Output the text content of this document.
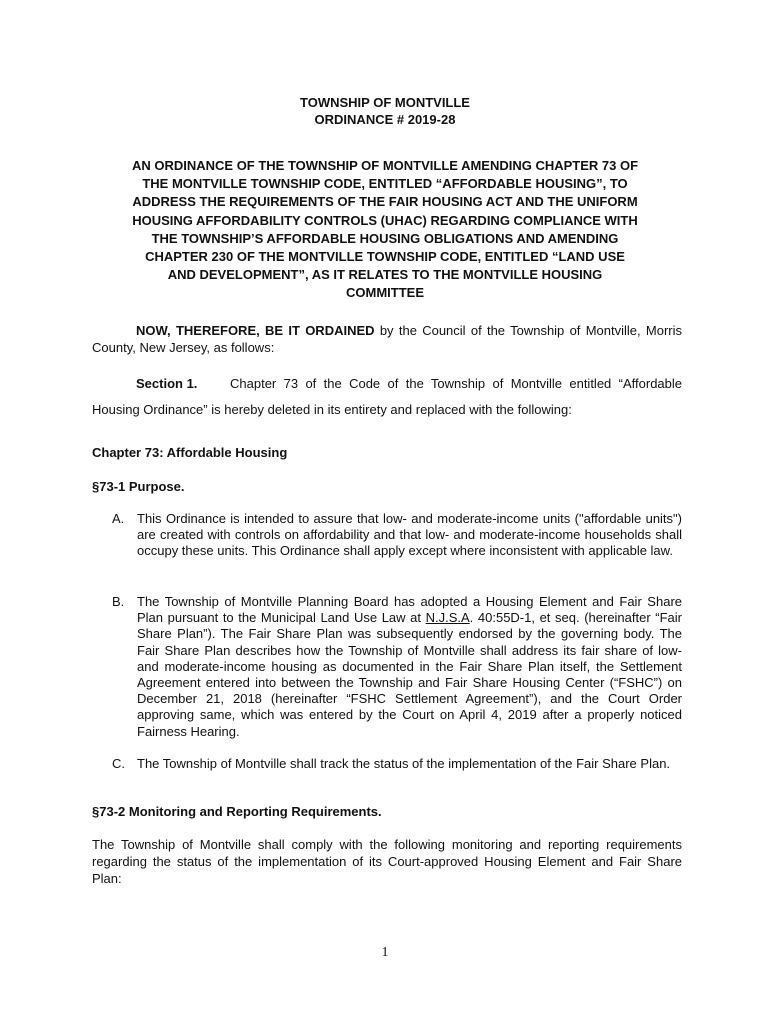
TOWNSHIP OF MONTVILLE
ORDINANCE # 2019-28
AN ORDINANCE OF THE TOWNSHIP OF MONTVILLE AMENDING CHAPTER 73 OF THE MONTVILLE TOWNSHIP CODE, ENTITLED “AFFORDABLE HOUSING”, TO ADDRESS THE REQUIREMENTS OF THE FAIR HOUSING ACT AND THE UNIFORM HOUSING AFFORDABILITY CONTROLS (UHAC) REGARDING COMPLIANCE WITH THE TOWNSHIP’S AFFORDABLE HOUSING OBLIGATIONS AND AMENDING CHAPTER 230 OF THE MONTVILLE TOWNSHIP CODE, ENTITLED “LAND USE AND DEVELOPMENT”, AS IT RELATES TO THE MONTVILLE HOUSING COMMITTEE
NOW, THEREFORE, BE IT ORDAINED by the Council of the Township of Montville, Morris County, New Jersey, as follows:
Section 1.	Chapter 73 of the Code of the Township of Montville entitled “Affordable Housing Ordinance” is hereby deleted in its entirety and replaced with the following:
Chapter 73: Affordable Housing
§73-1 Purpose.
A. This Ordinance is intended to assure that low- and moderate-income units ("affordable units") are created with controls on affordability and that low- and moderate-income households shall occupy these units. This Ordinance shall apply except where inconsistent with applicable law.
B. The Township of Montville Planning Board has adopted a Housing Element and Fair Share Plan pursuant to the Municipal Land Use Law at N.J.S.A. 40:55D-1, et seq. (hereinafter “Fair Share Plan”). The Fair Share Plan was subsequently endorsed by the governing body. The Fair Share Plan describes how the Township of Montville shall address its fair share of low- and moderate-income housing as documented in the Fair Share Plan itself, the Settlement Agreement entered into between the Township and Fair Share Housing Center (“FSHC”) on December 21, 2018 (hereinafter “FSHC Settlement Agreement”), and the Court Order approving same, which was entered by the Court on April 4, 2019 after a properly noticed Fairness Hearing.
C. The Township of Montville shall track the status of the implementation of the Fair Share Plan.
§73-2 Monitoring and Reporting Requirements.
The Township of Montville shall comply with the following monitoring and reporting requirements regarding the status of the implementation of its Court-approved Housing Element and Fair Share Plan:
1
